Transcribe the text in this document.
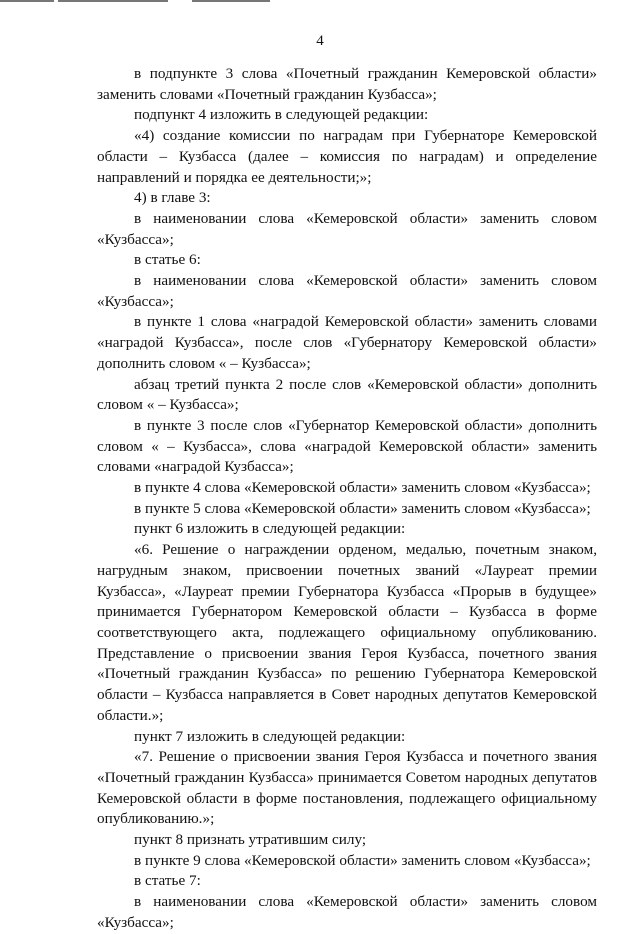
4

в подпункте 3 слова «Почетный гражданин Кемеровской области» заменить словами «Почетный гражданин Кузбасса»;

подпункт 4 изложить в следующей редакции:

«4) создание комиссии по наградам при Губернаторе Кемеровской области – Кузбасса (далее – комиссия по наградам) и определение направлений и порядка ее деятельности;»;

4) в главе 3:

в наименовании слова «Кемеровской области» заменить словом «Кузбасса»;

в статье 6:

в наименовании слова «Кемеровской области» заменить словом «Кузбасса»;

в пункте 1 слова «наградой Кемеровской области» заменить словами «наградой Кузбасса», после слов «Губернатору Кемеровской области» дополнить словом « – Кузбасса»;

абзац третий пункта 2 после слов «Кемеровской области» дополнить словом « – Кузбасса»;

в пункте 3 после слов «Губернатор Кемеровской области» дополнить словом « – Кузбасса», слова «наградой Кемеровской области» заменить словами «наградой Кузбасса»;

в пункте 4 слова «Кемеровской области» заменить словом «Кузбасса»;

в пункте 5 слова «Кемеровской области» заменить словом «Кузбасса»;

пункт 6 изложить в следующей редакции:

«6. Решение о награждении орденом, медалью, почетным знаком, нагрудным знаком, присвоении почетных званий «Лауреат премии Кузбасса», «Лауреат премии Губернатора Кузбасса «Прорыв в будущее» принимается Губернатором Кемеровской области – Кузбасса в форме соответствующего акта, подлежащего официальному опубликованию. Представление о присвоении звания Героя Кузбасса, почетного звания «Почетный гражданин Кузбасса» по решению Губернатора Кемеровской области – Кузбасса направляется в Совет народных депутатов Кемеровской области.»;

пункт 7 изложить в следующей редакции:

«7. Решение о присвоении звания Героя Кузбасса и почетного звания «Почетный гражданин Кузбасса» принимается Советом народных депутатов Кемеровской области в форме постановления, подлежащего официальному опубликованию.»;

пункт 8 признать утратившим силу;

в пункте 9 слова «Кемеровской области» заменить словом «Кузбасса»;

в статье 7:

в наименовании слова «Кемеровской области» заменить словом «Кузбасса»;
